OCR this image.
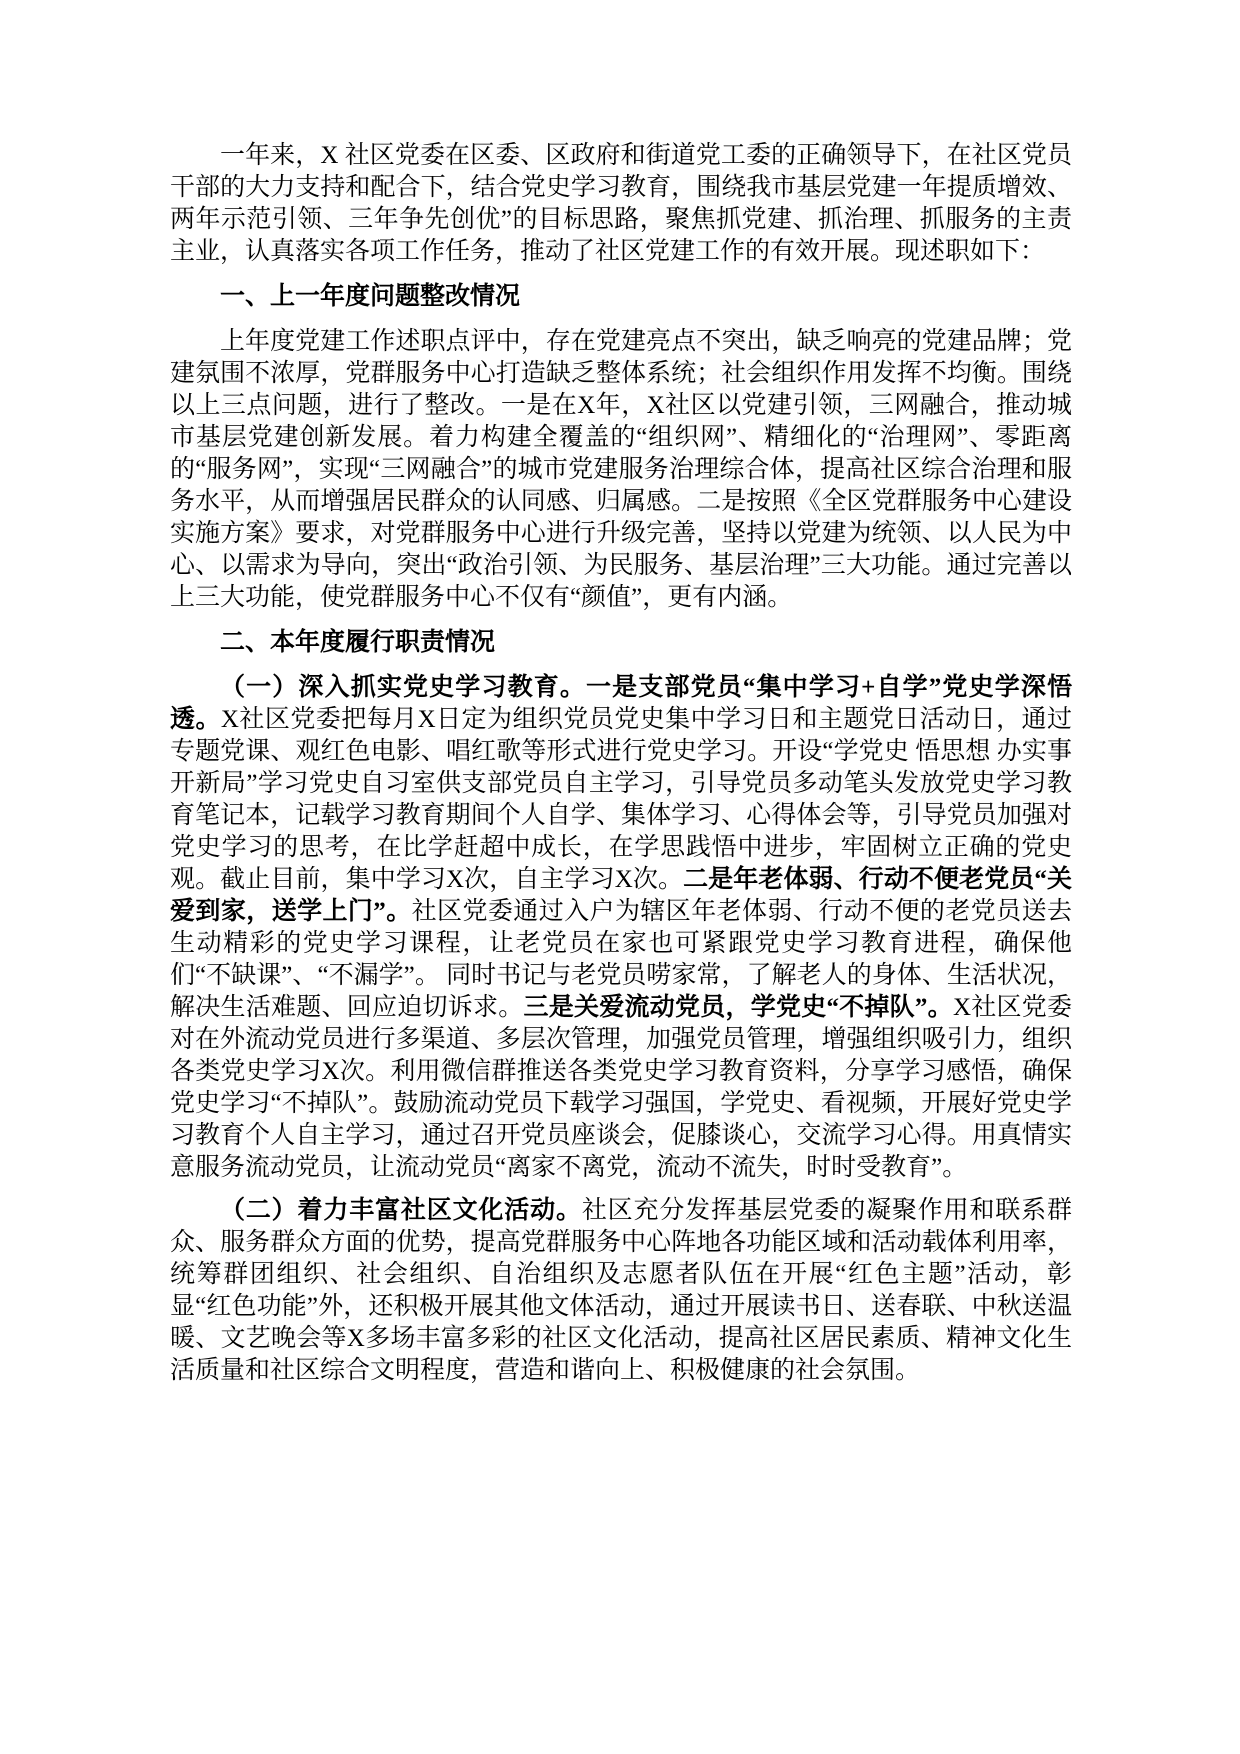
一年来，X 社区党委在区委、区政府和街道党工委的正确领导下，在社区党员干部的大力支持和配合下，结合党史学习教育，围绕我市基层党建一年提质增效、两年示范引领、三年争先创优”的目标思路，聚焦抓党建、抓治理、抓服务的主责主业，认真落实各项工作任务，推动了社区党建工作的有效开展。现述职如下：

一、上一年度问题整改情况

上年度党建工作述职点评中，存在党建亮点不突出，缺乏响亮的党建品牌；党建氛围不浓厚，党群服务中心打造缺乏整体系统；社会组织作用发挥不均衡。围绕以上三点问题，进行了整改。一是在X年，X社区以党建引领，三网融合，推动城市基层党建创新发展。着力构建全覆盖的“组织网”、精细化的“治理网”、零距离的“服务网”，实现“三网融合”的城市党建服务治理综合体，提高社区综合治理和服务水平，从而增强居民群众的认同感、归属感。二是按照《全区党群服务中心建设实施方案》要求，对党群服务中心进行升级完善，坚持以党建为统领、以人民为中心、以需求为导向，突出“政治引领、为民服务、基层治理”三大功能。通过完善以上三大功能，使党群服务中心不仅有“颜值”，更有内涵。

二、本年度履行职责情况

（一）深入抓实党史学习教育。一是支部党员“集中学习+自学”党史学深悟透。X社区党委把每月X日定为组织党员党史集中学习日和主题党日活动日，通过专题党课、观红色电影、唱红歌等形式进行党史学习。开设“学党史 悟思想 办实事 开新局”学习党史自习室供支部党员自主学习，引导党员多动笔头发放党史学习教育笔记本，记载学习教育期间个人自学、集体学习、心得体会等，引导党员加强对党史学习的思考，在比学赶超中成长，在学思践悟中进步，牢固树立正确的党史观。截止目前，集中学习X次，自主学习X次。二是年老体弱、行动不便老党员“关爱到家，送学上门”。社区党委通过入户为辖区年老体弱、行动不便的老党员送去生动精彩的党史学习课程，让老党员在家也可紧跟党史学习教育进程，确保他们“不缺课”、“不漏学”。 同时书记与老党员唠家常，了解老人的身体、生活状况，解决生活难题、回应迫切诉求。三是关爱流动党员，学党史“不掉队”。X社区党委对在外流动党员进行多渠道、多层次管理，加强党员管理，增强组织吸引力，组织各类党史学习X次。利用微信群推送各类党史学习教育资料，分享学习感悟，确保党史学习“不掉队”。鼓励流动党员下载学习强国，学党史、看视频，开展好党史学习教育个人自主学习，通过召开党员座谈会，促膝谈心，交流学习心得。用真情实意服务流动党员，让流动党员“离家不离党，流动不流失，时时受教育”。

（二）着力丰富社区文化活动。社区充分发挥基层党委的凝聚作用和联系群众、服务群众方面的优势，提高党群服务中心阵地各功能区域和活动载体利用率，统筹群团组织、社会组织、自治组织及志愿者队伍在开展“红色主题”活动，彰显“红色功能”外，还积极开展其他文体活动，通过开展读书日、送春联、中秋送温暖、文艺晚会等X多场丰富多彩的社区文化活动，提高社区居民素质、精神文化生活质量和社区综合文明程度，营造和谐向上、积极健康的社会氛围。
